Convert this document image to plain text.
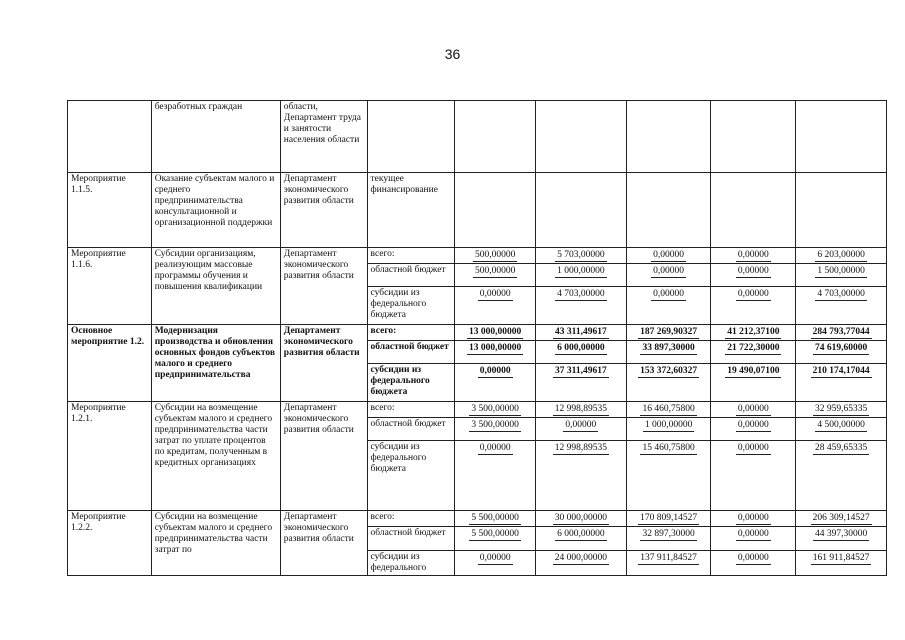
36
	безработных граждан	области, Департамент труда и занятости населения области						
Мероприятие 1.1.5.	Оказание субъектам малого и среднего предпринимательства консультационной и организационной поддержки	Департамент экономического развития области	текущее финансирование					
Мероприятие 1.1.6.	Субсидии организациям, реализующим массовые программы обучения и повышения квалификации	Департамент экономического развития области	всего:	500,00000	5 703,00000	0,00000	0,00000	6 203,00000
			областной бюджет	500,00000	1 000,00000	0,00000	0,00000	1 500,00000
			субсидии из федерального бюджета	0,00000	4 703,00000	0,00000	0,00000	4 703,00000
Основное мероприятие 1.2.	Модернизация производства и обновления основных фондов субъектов малого и среднего предпринимательства	Департамент экономического развития области	всего:	13 000,00000	43 311,49617	187 269,90327	41 212,37100	284 793,77044
			областной бюджет	13 000,00000	6 000,00000	33 897,30000	21 722,30000	74 619,60000
			субсидии из федерального бюджета	0,00000	37 311,49617	153 372,60327	19 490,07100	210 174,17044
Мероприятие 1.2.1.	Субсидии на возмещение субъектам малого и среднего предпринимательства части затрат по уплате процентов по кредитам, полученным в кредитных организациях	Департамент экономического развития области	всего:	3 500,00000	12 998,89535	16 460,75800	0,00000	32 959,65335
			областной бюджет	3 500,00000	0,00000	1 000,00000	0,00000	4 500,00000
			субсидии из федерального бюджета	0,00000	12 998,89535	15 460,75800	0,00000	28 459,65335
Мероприятие 1.2.2.	Субсидии на возмещение субъектам малого и среднего предпринимательства части затрат по	Департамент экономического развития области	всего:	5 500,00000	30 000,00000	170 809,14527	0,00000	206 309,14527
			областной бюджет	5 500,00000	6 000,00000	32 897,30000	0,00000	44 397,30000
			субсидии из федерального	0,00000	24 000,00000	137 911,84527	0,00000	161 911,84527
